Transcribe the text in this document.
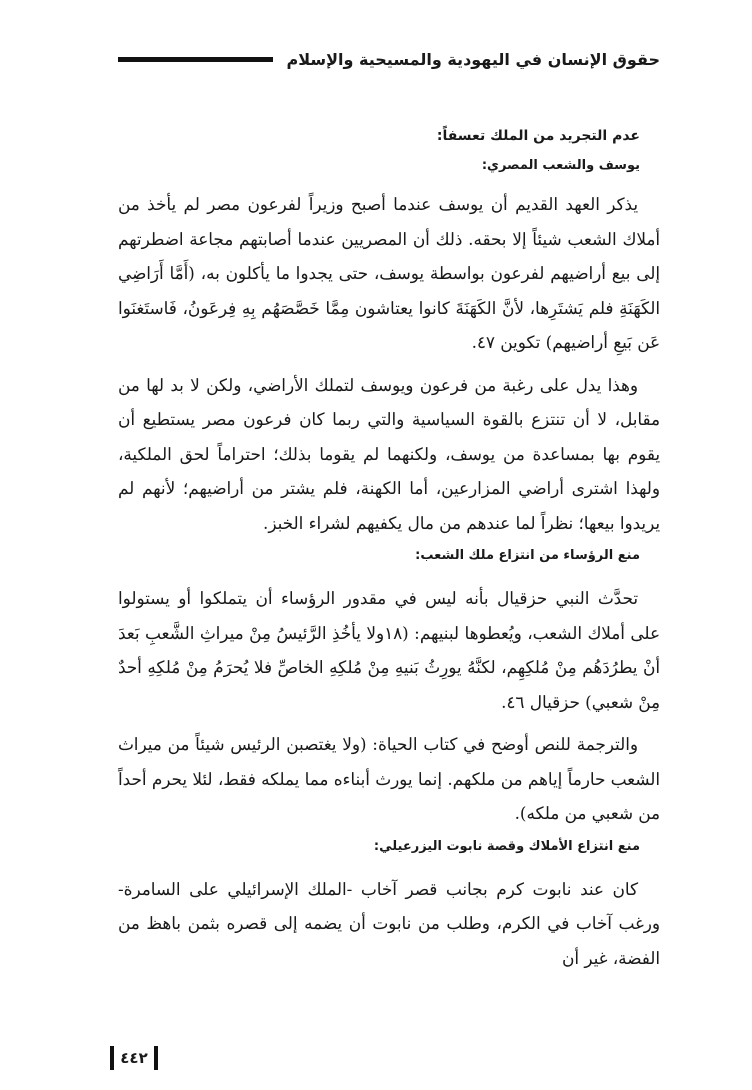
حقوق الإنسان في اليهودية والمسيحية والإسلام
عدم التجريد من الملك تعسفاً:
يوسف والشعب المصري:

يذكر العهد القديم أن يوسف عندما أصبح وزيراً لفرعون مصر لم يأخذ من أملاك الشعب شيئاً إلا بحقه. ذلك أن المصريين عندما أصابتهم مجاعة اضطرتهم إلى بيع أراضيهم لفرعون بواسطة يوسف، حتى يجدوا ما يأكلون به، (أَمَّا أَرَاضِي الكَهَنَةِ فلم يَشتَرِها، لأنَّ الكَهَنَةَ كانوا يعتاشون مِمَّا خَصَّصَهُم بِهِ فِرعَونُ، فَاستَغنَوا عَن بَيعِ أراضيهم) تكوين ٤٧.

وهذا يدل على رغبة من فرعون ويوسف لتملك الأراضي، ولكن لا بد لها من مقابل، لا أن تنتزع بالقوة السياسية والتي ربما كان فرعون مصر يستطيع أن يقوم بها بمساعدة من يوسف، ولكنهما لم يقوما بذلك؛ احتراماً لحق الملكية، ولهذا اشترى أراضي المزارعين، أما الكهنة، فلم يشتر من أراضيهم؛ لأنهم لم يريدوا بيعها؛ نظراً لما عندهم من مال يكفيهم لشراء الخبز.

منع الرؤساء من انتزاع ملك الشعب:

تحدَّث النبي حزقيال بأنه ليس في مقدور الرؤساء أن يتملكوا أو يستولوا على أملاك الشعب، ويُعطوها لبنيهم: (١٨ولا يأخُذِ الرَّئيسُ مِنْ ميراثِ الشَّعبِ بَعدَ أنْ يطرُدَهُم مِنْ مُلكِهِم، لكنَّهُ يورِثُ بَنيهِ مِنْ مُلكِهِ الخاصِّ فلا يُحرَمُ مِنْ مُلكِهِ أحدٌ مِنْ شعبي) حزقيال ٤٦.

والترجمة للنص أوضح في كتاب الحياة: (ولا يغتصبن الرئيس شيئاً من ميراث الشعب حارماً إياهم من ملكهم. إنما يورث أبناءه مما يملكه فقط، لئلا يحرم أحداً من شعبي من ملكه).

منع انتزاع الأملاك وقصة نابوت اليزرعيلي:

كان عند نابوت كرم بجانب قصر آخاب -الملك الإسرائيلي على السامرة- ورغب آخاب في الكرم، وطلب من نابوت أن يضمه إلى قصره بثمن باهظ من الفضة، غير أن

٤٤٢
